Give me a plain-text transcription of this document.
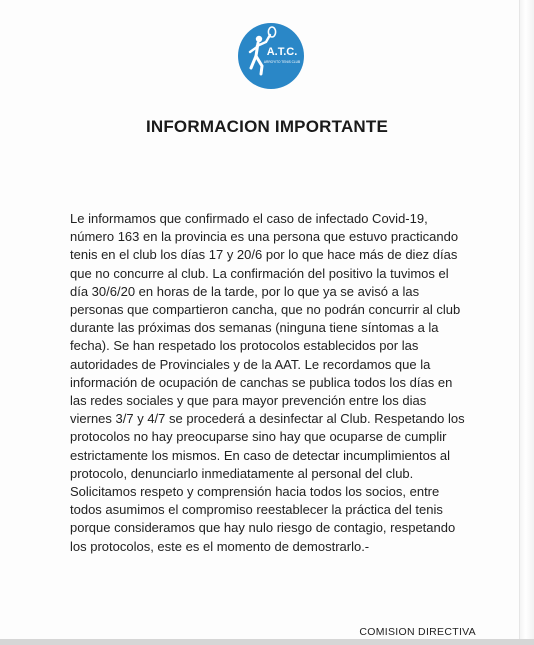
A.T.C.
ARROYITO TENIS CLUB
INFORMACION IMPORTANTE
Le informamos que confirmado el caso de infectado Covid-19,
número 163 en la provincia es una persona que estuvo practicando
tenis en el club los días 17 y 20/6 por lo que hace más de diez días
que no concurre al club. La confirmación del positivo la tuvimos el
día 30/6/20 en horas de la tarde, por lo que ya se avisó a las
personas que compartieron cancha, que no podrán concurrir al club
durante las próximas dos semanas (ninguna tiene síntomas a la
fecha). Se han respetado los protocolos establecidos por las
autoridades de Provinciales y de la AAT. Le recordamos que la
información de ocupación de canchas se publica todos los días en
las redes sociales y que para mayor prevención entre los dias
viernes 3/7 y 4/7 se procederá a desinfectar al Club. Respetando los
protocolos no hay preocuparse sino hay que ocuparse de cumplir
estrictamente los mismos. En caso de detectar incumplimientos al
protocolo, denunciarlo inmediatamente al personal del club.
Solicitamos respeto y comprensión hacia todos los socios, entre
todos asumimos el compromiso reestablecer la práctica del tenis
porque consideramos que hay nulo riesgo de contagio, respetando
los protocolos, este es el momento de demostrarlo.-
COMISION DIRECTIVA
